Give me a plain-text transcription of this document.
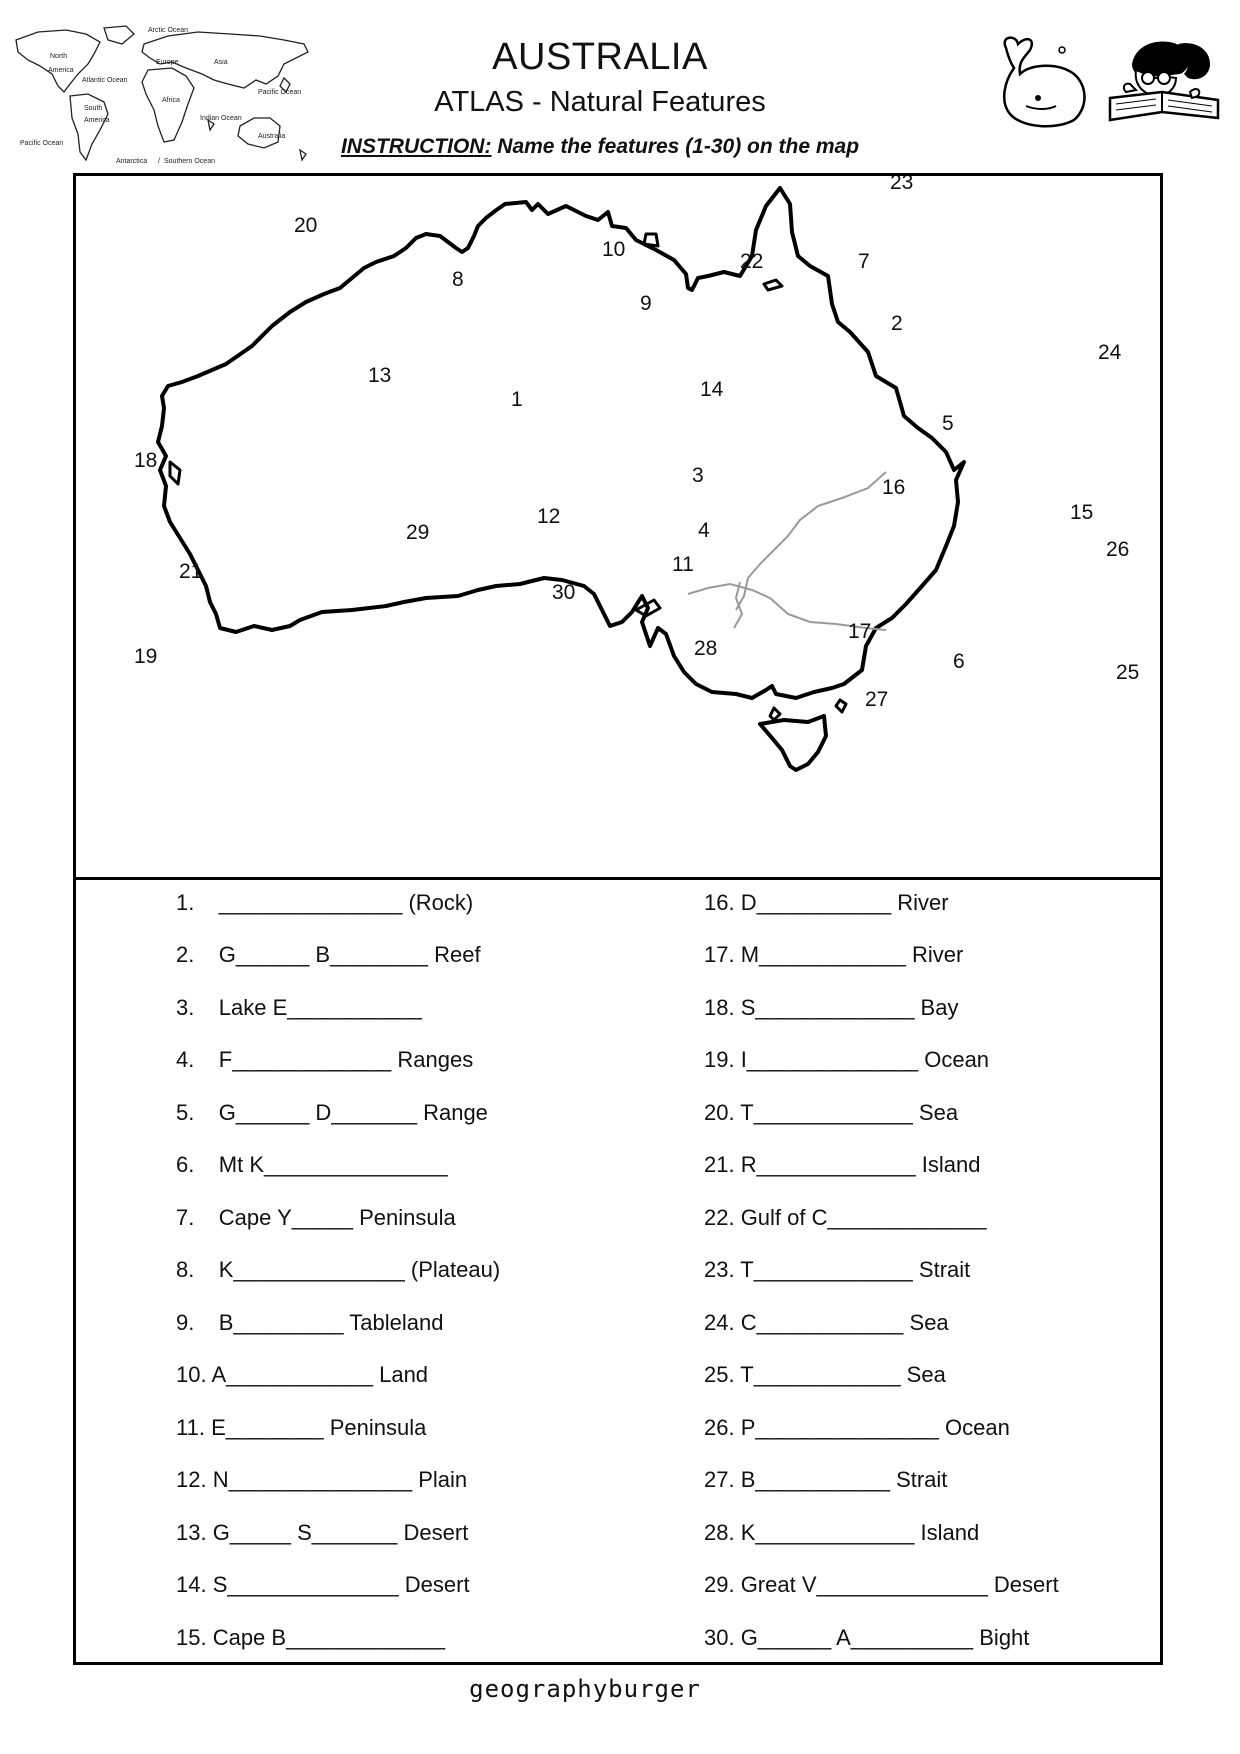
Arctic Ocean
North
America
Europe	Asia
Atlantic Ocean
Pacific Ocean
Africa
South
America	Indian Ocean
Australia
Pacific Ocean
Antarctica / Southern Ocean
AUSTRALIA
ATLAS - Natural Features
INSTRUCTION: Name the features (1-30) on the map
1
2
3
4
5
6
7
8
9
10
11
12
13
14
15
16
17
18
19
20
21
22
23
24
25
26
27
28
29
30
1.    _______________ (Rock)
2.    G______ B________ Reef
3.    Lake E___________
4.    F_____________ Ranges
5.    G______ D_______ Range
6.    Mt K_______________
7.    Cape Y_____ Peninsula
8.    K______________ (Plateau)
9.    B_________ Tableland
10. A____________ Land
11. E________ Peninsula
12. N_______________ Plain
13. G_____ S_______ Desert
14. S______________ Desert
15. Cape B_____________
16. D___________ River
17. M____________ River
18. S_____________ Bay
19. I______________ Ocean
20. T_____________ Sea
21. R_____________ Island
22. Gulf of C_____________
23. T_____________ Strait
24. C____________ Sea
25. T____________ Sea
26. P_______________ Ocean
27. B___________ Strait
28. K_____________ Island
29. Great V______________ Desert
30. G______ A__________ Bight
geographyburger
